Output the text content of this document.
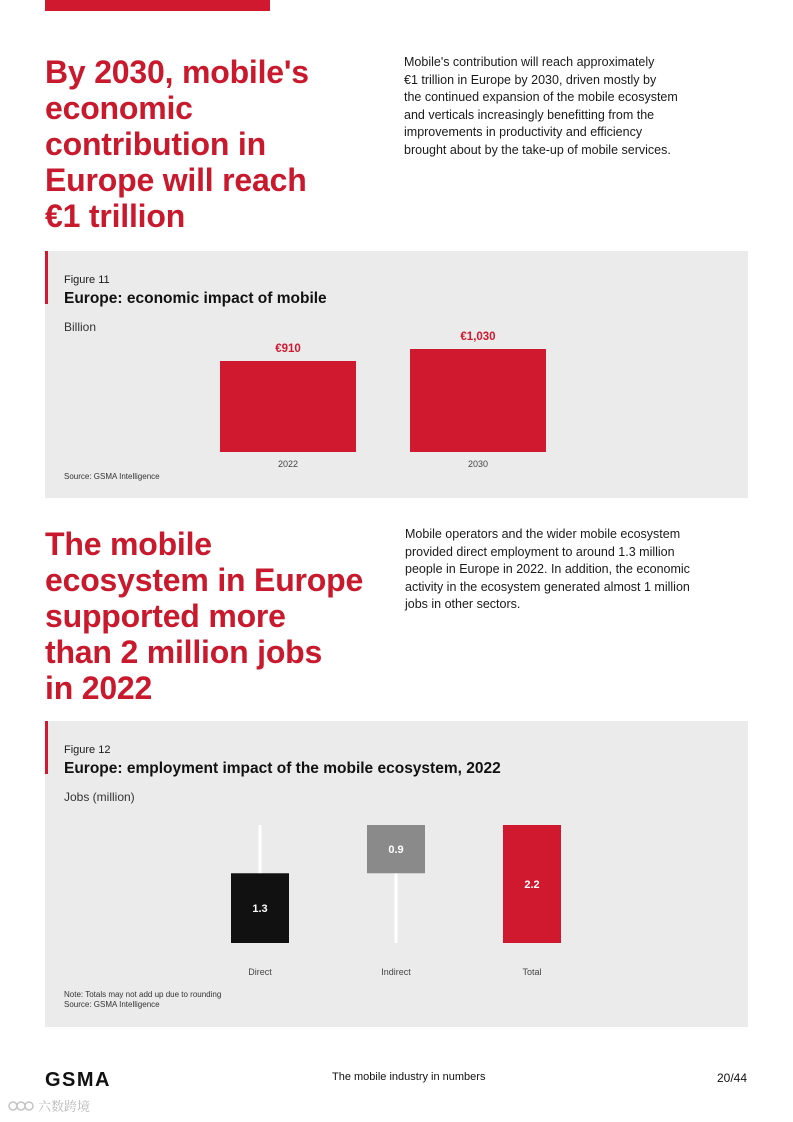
By 2030, mobile's
economic
contribution in
Europe will reach
€1 trillion
Mobile's contribution will reach approximately
€1 trillion in Europe by 2030, driven mostly by
the continued expansion of the mobile ecosystem
and verticals increasingly benefitting from the
improvements in productivity and efficiency
brought about by the take-up of mobile services.
Figure 11
Europe: economic impact of mobile
Billion
€910
2022
€1,030
2030
Source: GSMA Intelligence
The mobile
ecosystem in Europe
supported more
than 2 million jobs
in 2022
Mobile operators and the wider mobile ecosystem
provided direct employment to around 1.3 million
people in Europe in 2022. In addition, the economic
activity in the ecosystem generated almost 1 million
jobs in other sectors.
Figure 12
Europe: employment impact of the mobile ecosystem, 2022
Jobs (million)
1.3
Direct
0.9
Indirect
2.2
Total
Note: Totals may not add up due to rounding
Source: GSMA Intelligence
GSMA	The mobile industry in numbers	20/44
六数跨境
